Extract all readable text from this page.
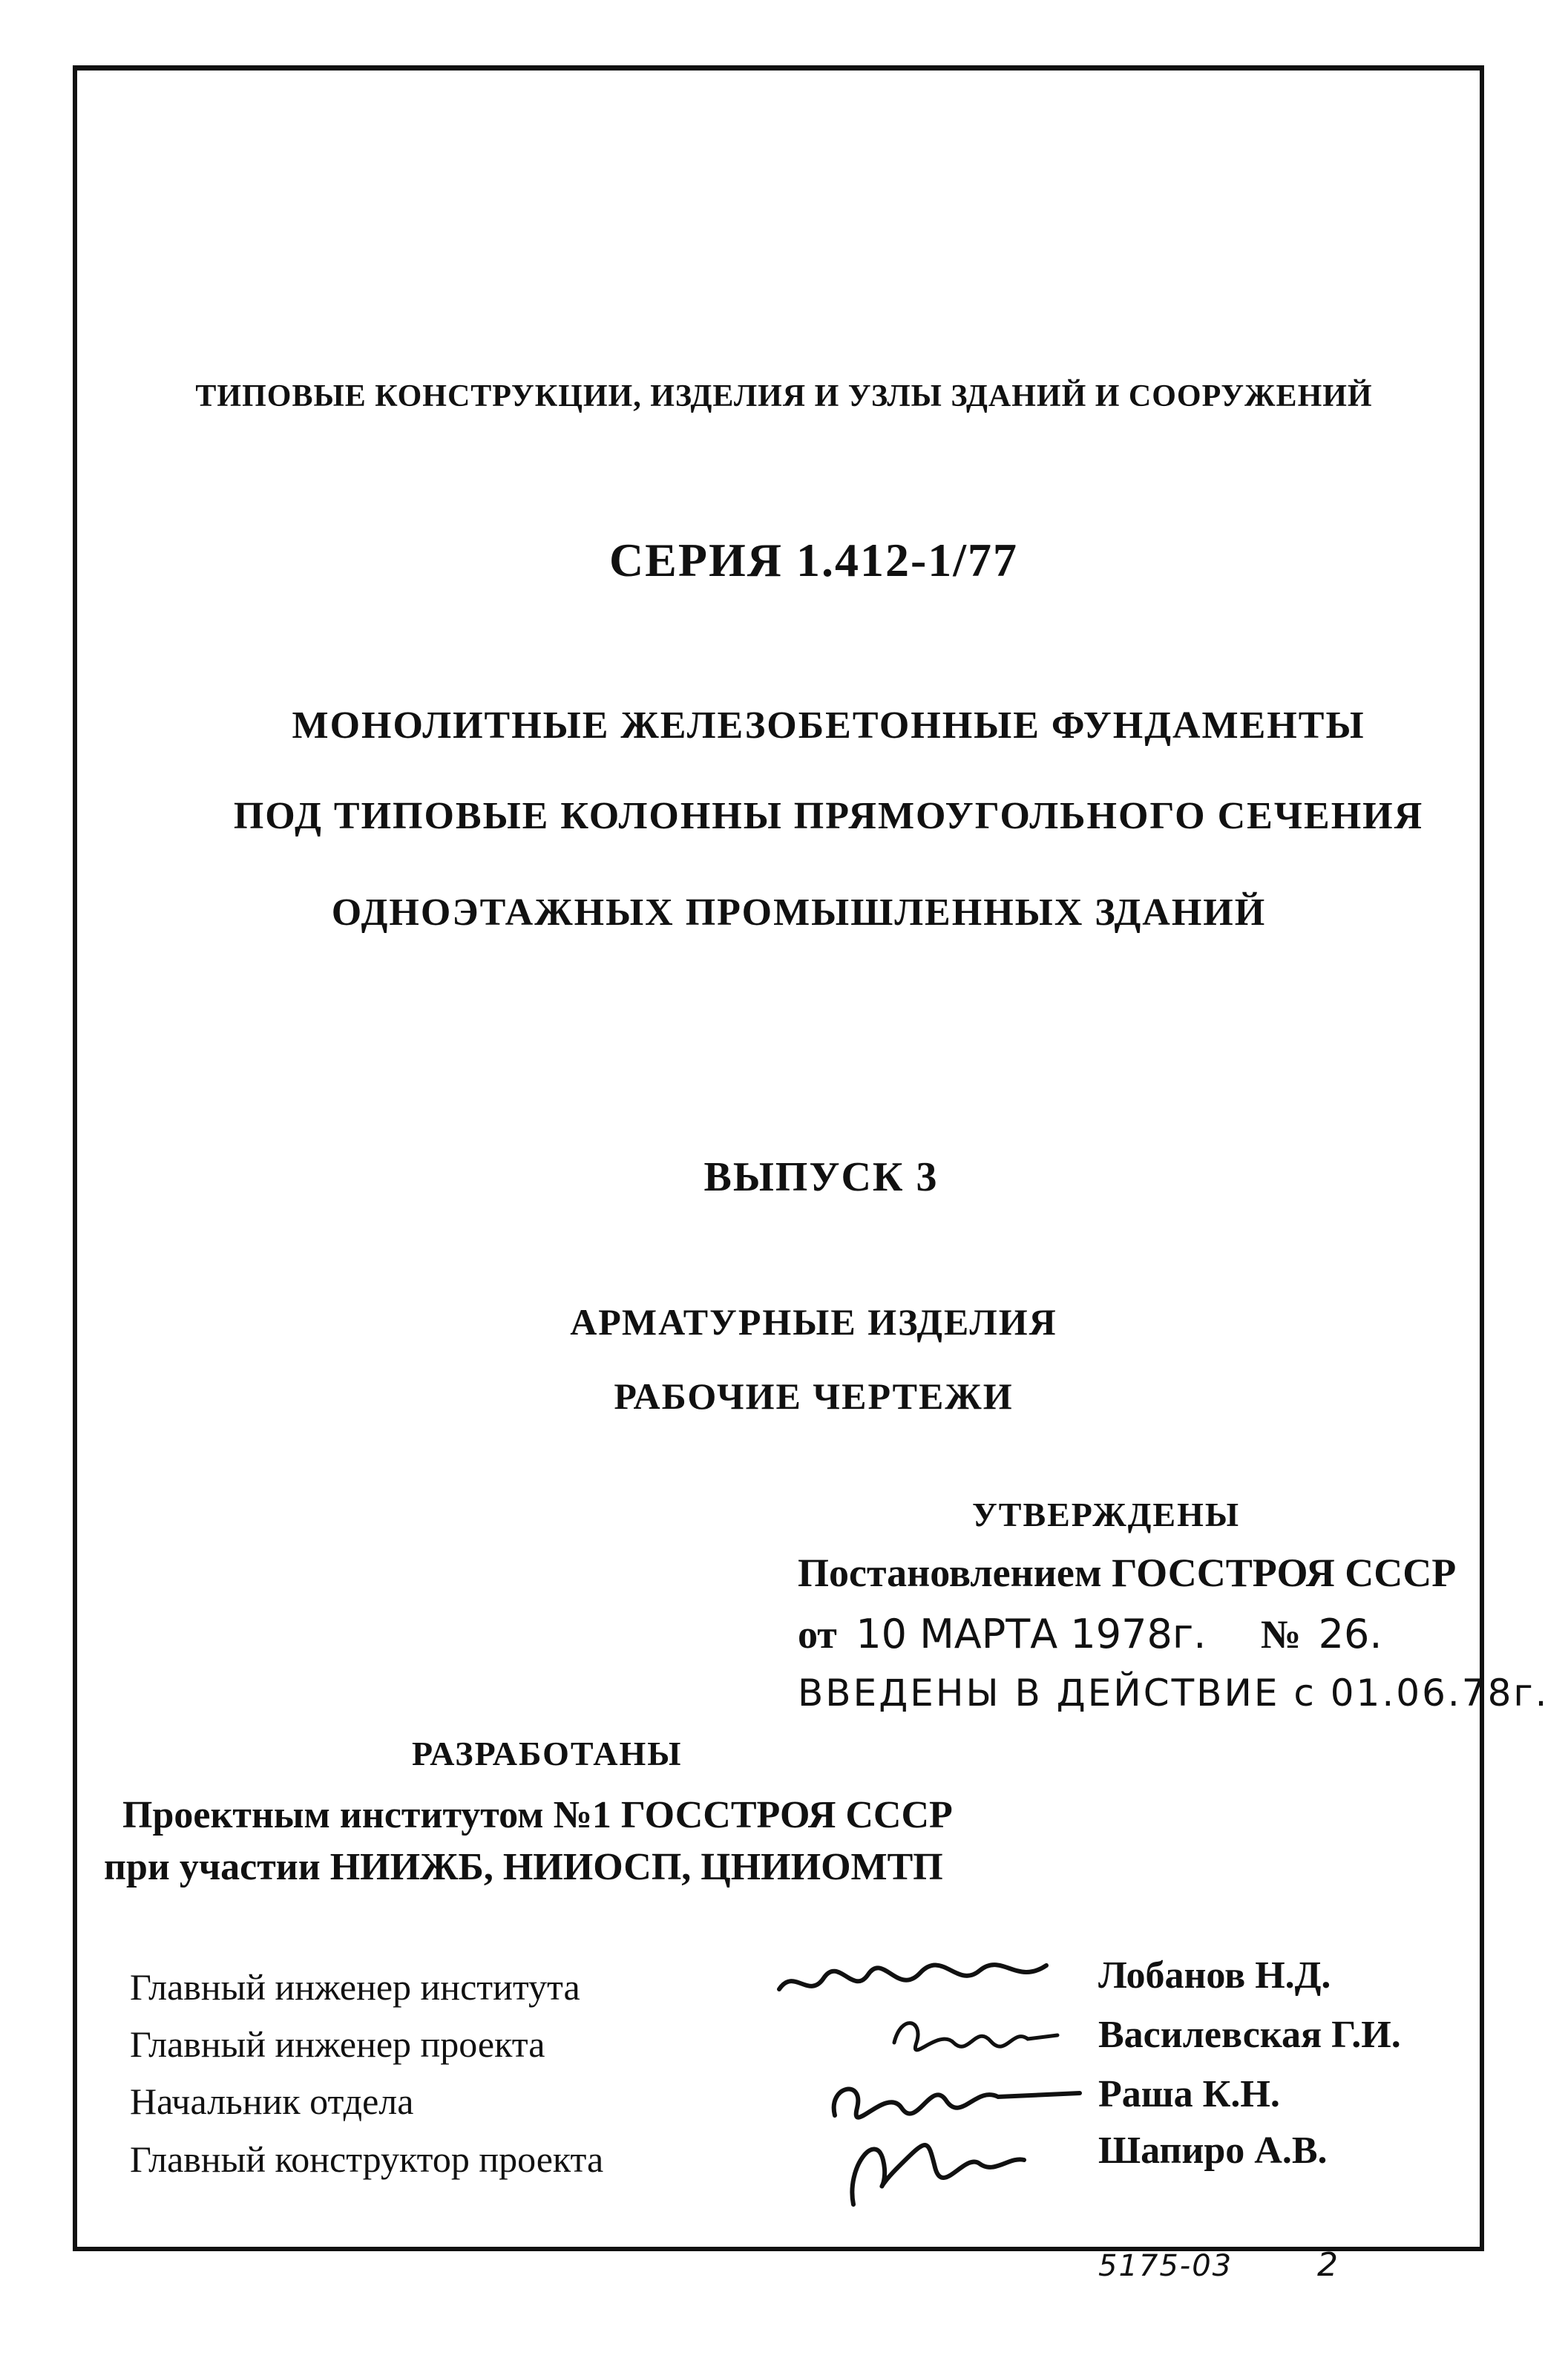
ТИПОВЫЕ КОНСТРУКЦИИ, ИЗДЕЛИЯ И УЗЛЫ ЗДАНИЙ И СООРУЖЕНИЙ
СЕРИЯ 1.412-1/77
МОНОЛИТНЫЕ ЖЕЛЕЗОБЕТОННЫЕ ФУНДАМЕНТЫ
ПОД ТИПОВЫЕ КОЛОННЫ ПРЯМОУГОЛЬНОГО СЕЧЕНИЯ
ОДНОЭТАЖНЫХ ПРОМЫШЛЕННЫХ ЗДАНИЙ
ВЫПУСК 3
АРМАТУРНЫЕ ИЗДЕЛИЯ
РАБОЧИЕ ЧЕРТЕЖИ
УТВЕРЖДЕНЫ
Постановлением ГОССТРОЯ СССР
от 10 МАРТА 1978г. № 26.
ВВЕДЕНЫ В ДЕЙСТВИЕ с 01.06.78г.
РАЗРАБОТАНЫ
Проектным институтом №1 ГОССТРОЯ СССР
при участии НИИЖБ, НИИОСП, ЦНИИОМТП
Главный инженер института
Главный инженер проекта
Начальник отдела
Главный конструктор проекта
Лобанов Н.Д.
Василевская Г.И.
Раша К.Н.
Шапиро А.В.
5175-03	2
